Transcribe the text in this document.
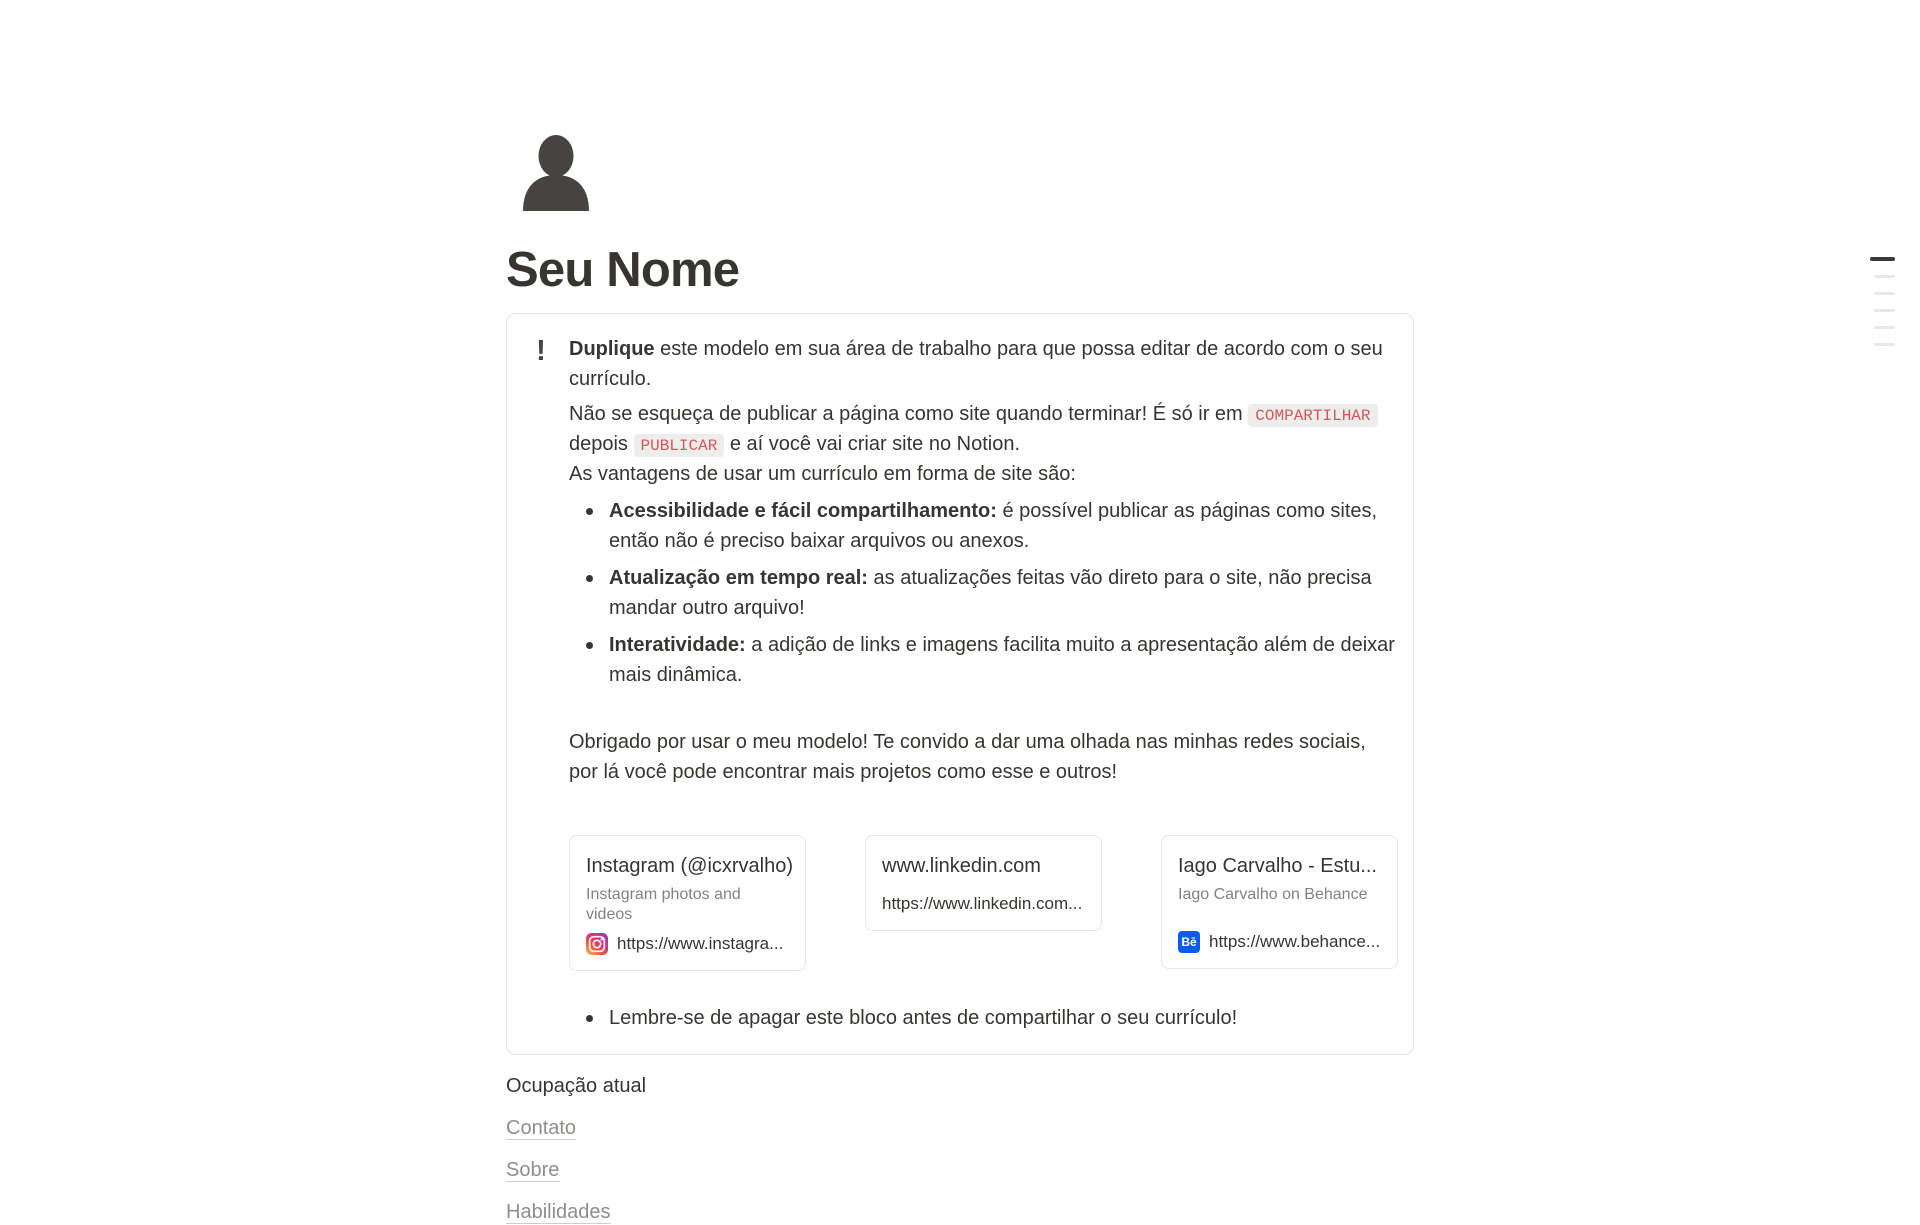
Seu Nome
! Duplique este modelo em sua área de trabalho para que possa editar de acordo com o seu currículo.

Não se esqueça de publicar a página como site quando terminar! É só ir em COMPARTILHAR depois PUBLICAR e aí você vai criar site no Notion.
As vantagens de usar um currículo em forma de site são:
Acessibilidade e fácil compartilhamento: é possível publicar as páginas como sites, então não é preciso baixar arquivos ou anexos.
Atualização em tempo real: as atualizações feitas vão direto para o site, não precisa mandar outro arquivo!
Interatividade: a adição de links e imagens facilita muito a apresentação além de deixar mais dinâmica.

Obrigado por usar o meu modelo! Te convido a dar uma olhada nas minhas redes sociais, por lá você pode encontrar mais projetos como esse e outros!

Instagram (@icxrvalho)
Instagram photos and videos
https://www.instagra...
www.linkedin.com
https://www.linkedin.com...
Iago Carvalho - Estu...
Iago Carvalho on Behance
Bē https://www.behance...
Lembre-se de apagar este bloco antes de compartilhar o seu currículo!
Ocupação atual
Contato
Sobre
Habilidades
